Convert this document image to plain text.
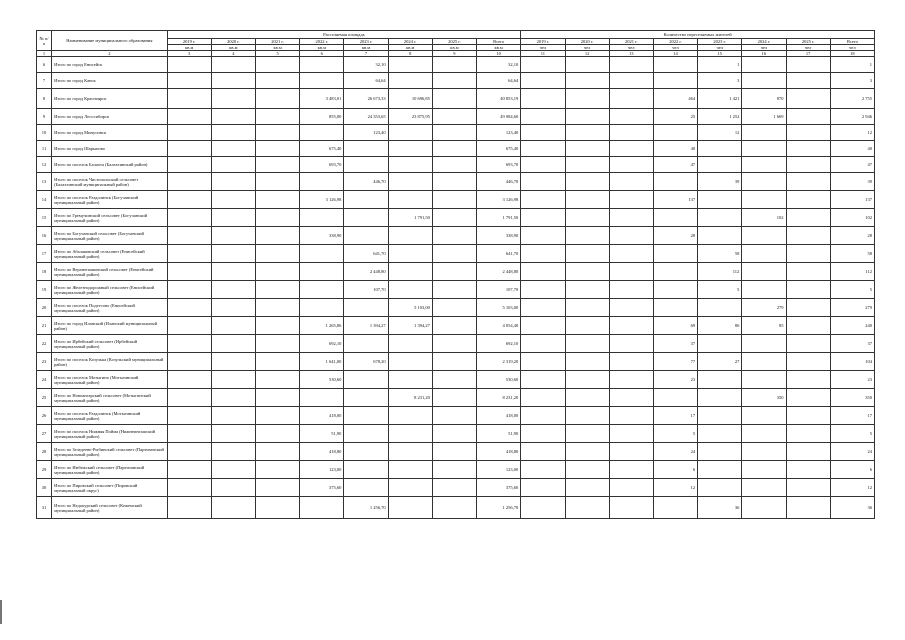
№ п/п	Наименование муниципального образования	Расселяемая площадь								Количество переселяемых жителей							
		2019 г.	2020 г.	2021 г.	2022 г.	2023 г.	2024 г.	2025 г.	Всего	2019 г.	2020 г.	2021 г.	2022 г.	2023 г.	2024 г.	2025 г.	Всего
		кв.м	кв.м	кв.м	кв.м	кв.м	кв.м	кв.м	кв.м	чел	чел	чел	чел	чел	чел	чел	чел
1	2	3	4	5	6	7	8	9	10	11	12	13	14	15	16	17	18
6	Итого по город Енисейск					32,10			32,10					1			1
7	Итого по город Канск					64,64			64,64					3			3
8	Итого по город Красноярск				3 483,01	26 673,33	10 696,85		40 853,19				464	1 421	870		2 755
9	Итого по город Лесосибирск				855,00	24 353,65	23 875,95		49 084,60				25	1 252	1 669		2 946
10	Итого по город Минусинск					123,40			123,40					12			12
11	Итого по город Шарыпово				675,40				675,40				40				40
12	Итого по поселок Балахта (Балахтинский район)				693,70				693,70				47				47
13	Итого по поселок Чистопольский сельсовет (Балахтинский муниципальный район)					446,70			446,70					39			39
14	Итого по поселок Раздолинск (Богучанский муниципальный район)				3 126,98				3 126,98				137				137
15	Итого по Гремучинский сельсовет (Богучанский муниципальный район)						1 791,50		1 791,50						102		102
16	Итого по Богучанский сельсовет (Богучанский муниципальный район)				338,90				338,90				28				28
17	Итого по Абалаковский сельсовет (Енисейский муниципальный район)					641,70			641,70					58			58
18	Итого по Верхнепашинский сельсовет (Енисейский муниципальный район)					2 448,80			2 448,80					112			112
19	Итого по Железнодорожный сельсовет (Енисейский муниципальный район)					107,70			107,70					5			5
20	Итого по поселок Подтесово (Енисейский муниципальный район)						5 103,00		5 103,00						279		279
21	Итого по город Иланский (Иланский муниципальный район)				1 265,86	1 394,27	1 394,27		4 054,40				69	86	85		240
22	Итого по Ирбейский сельсовет (Ирбейский муниципальный район)				692,10				692,10				37				37
23	Итого по поселок Козулька (Козульский муниципальный район)				1 641,00	678,20			2 319,20				77	27			104
24	Итого по поселок Мотыгино (Мотыгинский муниципальный район)				530,60				530,60				23				23
25	Итого по Новоангарский сельсовет (Мотыгинский муниципальный район)						8 231,20		8 231,20						350		350
26	Итого по поселок Раздолинск (Мотыгинский муниципальный район)				418,00				418,00				17				17
27	Итого по поселок Нижняя Пойма (Нижнеингашский муниципальный район)				51,90				51,90				5				5
28	Итого по Зеледеево-Рыбинский сельсовет (Партизанский муниципальный район)				418,80				418,80				24				24
29	Итого по Имбежский сельсовет (Партизанский муниципальный район)				123,00				123,00				6				6
30	Итого по Пировский сельсовет (Пировский муниципальный округ)				375,60				375,60				12				12
31	Итого по Недокурский сельсовет (Кежемский муниципальный район)					1 256,70			1 256,70					36			36
